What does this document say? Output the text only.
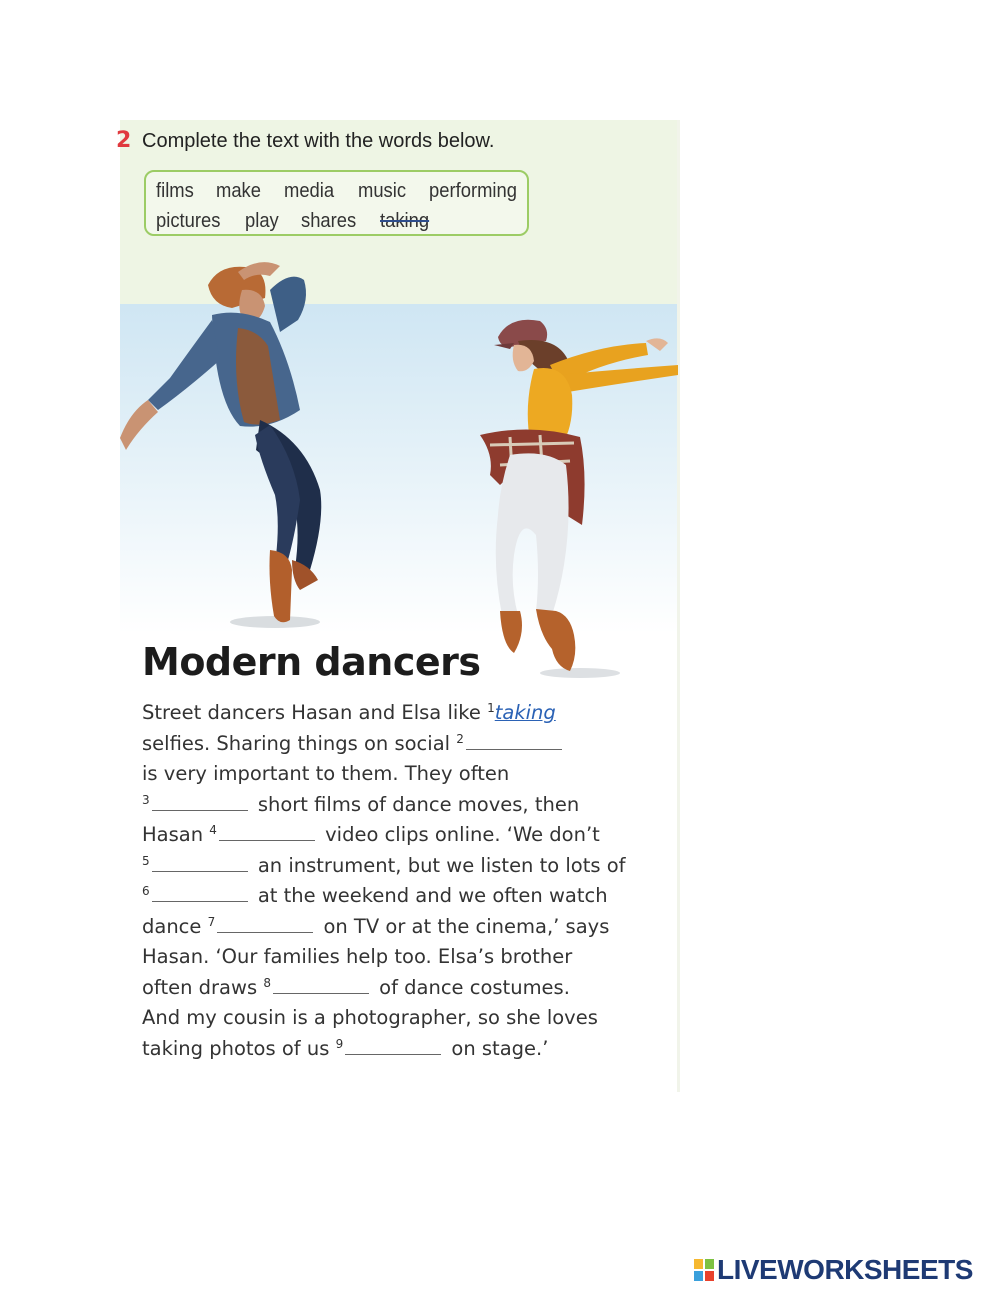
2 Complete the text with the words below.
films make media music performing
pictures play shares taking
Modern dancers
Street dancers Hasan and Elsa like $^1$taking
selfies. Sharing things on social $^2$
is very important to them. They often
$^3$	short films of dance moves, then
Hasan $^4$	video clips online. ‘We don’t
$^5$	an instrument, but we listen to lots of
$^6$	at the weekend and we often watch
dance $^7$	on TV or at the cinema,’ says
Hasan. ‘Our families help too. Elsa’s brother
often draws $^8$	of dance costumes.
And my cousin is a photographer, so she loves
taking photos of us $^9$	on stage.’
LIVEWORKSHEETS
